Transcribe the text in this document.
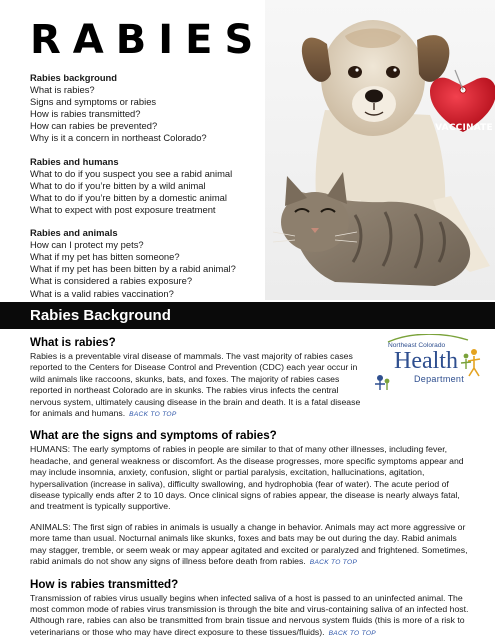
RABIES
Rabies background
What is rabies?
Signs and symptoms or rabies
How is rabies transmitted?
How can rabies be prevented?
Why is it a concern in northeast Colorado?
Rabies and humans
What to do if you suspect you see a rabid animal
What to do if you’re bitten by a wild animal
What to do if you’re bitten by a domestic animal
What to expect with post exposure treatment
Rabies and animals
How can I protect my pets?
What if my pet has bitten someone?
What if my pet has been bitten by a rabid animal?
What is considered a rabies exposure?
What is a valid rabies vaccination?
VACCINATE
Rabies Background
Northeast Colorado
Health
Department
What is rabies?

Rabies is a preventable viral disease of mammals. The vast majority of rabies cases reported to the Centers for Disease Control and Prevention (CDC) each year occur in wild animals like raccoons, skunks, bats, and foxes. The majority of rabies cases reported in northeast Colorado are in skunks. The rabies virus infects the central nervous system, ultimately causing disease in the brain and death. It is a fatal disease for animals and humans. BACK TO TOP

What are the signs and symptoms of rabies?

HUMANS: The early symptoms of rabies in people are similar to that of many other illnesses, including fever, headache, and general weakness or discomfort. As the disease progresses, more specific symptoms appear and may include insomnia, anxiety, confusion, slight or partial paralysis, excitation, hallucinations, agitation, hypersalivation (increase in saliva), difficulty swallowing, and hydrophobia (fear of water). The acute period of disease typically ends after 2 to 10 days. Once clinical signs of rabies appear, the disease is nearly always fatal, and treatment is typically supportive.

ANIMALS: The first sign of rabies in animals is usually a change in behavior. Animals may act more aggressive or more tame than usual. Nocturnal animals like skunks, foxes and bats may be out during the day. Rabid animals may stagger, tremble, or seem weak or may appear agitated and excited or paralyzed and frightened. Sometimes, rabid animals do not show any signs of illness before death from rabies. BACK TO TOP

How is rabies transmitted?

Transmission of rabies virus usually begins when infected saliva of a host is passed to an uninfected animal. The most common mode of rabies virus transmission is through the bite and virus-containing saliva of an infected host. Although rare, rabies can also be transmitted from brain tissue and nervous system fluids (this is more of a risk to veterinarians or those who may have direct exposure to these tissues/fluids). BACK TO TOP
